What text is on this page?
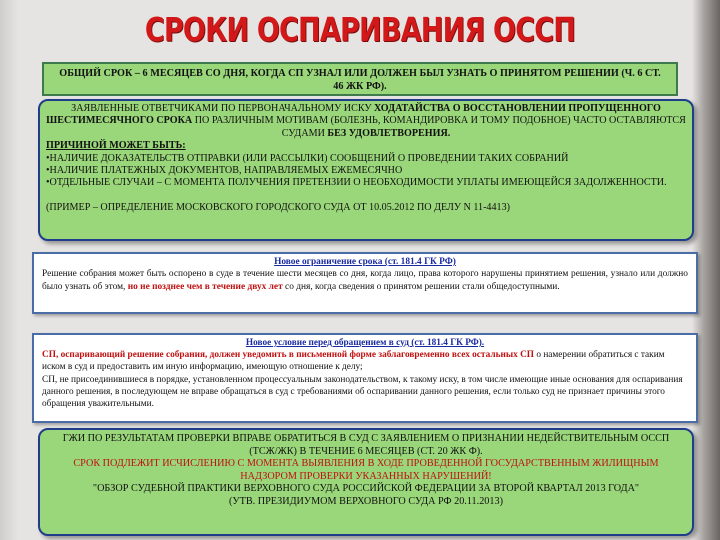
СРОКИ ОСПАРИВАНИЯ ОССП

ОБЩИЙ СРОК – 6 МЕСЯЦЕВ СО ДНЯ, КОГДА СП УЗНАЛ ИЛИ ДОЛЖЕН БЫЛ УЗНАТЬ О ПРИНЯТОМ РЕШЕНИИ (Ч. 6 СТ. 46 ЖК РФ).

ЗАЯВЛЕННЫЕ ОТВЕТЧИКАМИ ПО ПЕРВОНАЧАЛЬНОМУ ИСКУ ХОДАТАЙСТВА О ВОССТАНОВЛЕНИИ ПРОПУЩЕННОГО ШЕСТИМЕСЯЧНОГО СРОКА ПО РАЗЛИЧНЫМ МОТИВАМ (БОЛЕЗНЬ, КОМАНДИРОВКА И ТОМУ ПОДОБНОЕ) ЧАСТО ОСТАВЛЯЮТСЯ СУДАМИ БЕЗ УДОВЛЕТВОРЕНИЯ.

ПРИЧИНОЙ МОЖЕТ БЫТЬ:

•НАЛИЧИЕ ДОКАЗАТЕЛЬСТВ ОТПРАВКИ (ИЛИ РАССЫЛКИ) СООБЩЕНИЙ О ПРОВЕДЕНИИ ТАКИХ СОБРАНИЙ

•НАЛИЧИЕ ПЛАТЕЖНЫХ ДОКУМЕНТОВ, НАПРАВЛЯЕМЫХ ЕЖЕМЕСЯЧНО

•ОТДЕЛЬНЫЕ СЛУЧАИ – С МОМЕНТА ПОЛУЧЕНИЯ ПРЕТЕНЗИИ О НЕОБХОДИМОСТИ УПЛАТЫ ИМЕЮЩЕЙСЯ ЗАДОЛЖЕННОСТИ.

(ПРИМЕР – ОПРЕДЕЛЕНИЕ МОСКОВСКОГО ГОРОДСКОГО СУДА ОТ 10.05.2012 ПО ДЕЛУ N 11-4413)

Новое ограничение срока (ст. 181.4 ГК РФ)

Решение собрания может быть оспорено в суде в течение шести месяцев со дня, когда лицо, права которого нарушены принятием решения, узнало или должно было узнать об этом, но не позднее чем в течение двух лет со дня, когда сведения о принятом решении стали общедоступными.

Новое условие перед обращением в суд (ст. 181.4 ГК РФ).

СП, оспаривающий решение собрания, должен уведомить в письменной форме заблаговременно всех остальных СП о намерении обратиться с таким иском в суд и предоставить им иную информацию, имеющую отношение к делу;

СП, не присоединившиеся в порядке, установленном процессуальным законодательством, к такому иску, в том числе имеющие иные основания для оспаривания данного решения, в последующем не вправе обращаться в суд с требованиями об оспаривании данного решения, если только суд не признает причины этого обращения уважительными.

ГЖИ ПО РЕЗУЛЬТАТАМ ПРОВЕРКИ ВПРАВЕ ОБРАТИТЬСЯ В СУД С ЗАЯВЛЕНИЕМ О ПРИЗНАНИИ НЕДЕЙСТВИТЕЛЬНЫМ ОССП (ТСЖ/ЖК) В ТЕЧЕНИЕ 6 МЕСЯЦЕВ (СТ. 20 ЖК Ф).

СРОК ПОДЛЕЖИТ ИСЧИСЛЕНИЮ С МОМЕНТА ВЫЯВЛЕНИЯ В ХОДЕ ПРОВЕДЕННОЙ ГОСУДАРСТВЕННЫМ ЖИЛИЩНЫМ НАДЗОРОМ ПРОВЕРКИ УКАЗАННЫХ НАРУШЕНИЙ!

"ОБЗОР СУДЕБНОЙ ПРАКТИКИ ВЕРХОВНОГО СУДА РОССИЙСКОЙ ФЕДЕРАЦИИ ЗА ВТОРОЙ КВАРТАЛ 2013 ГОДА"

(УТВ. ПРЕЗИДИУМОМ ВЕРХОВНОГО СУДА РФ 20.11.2013)
